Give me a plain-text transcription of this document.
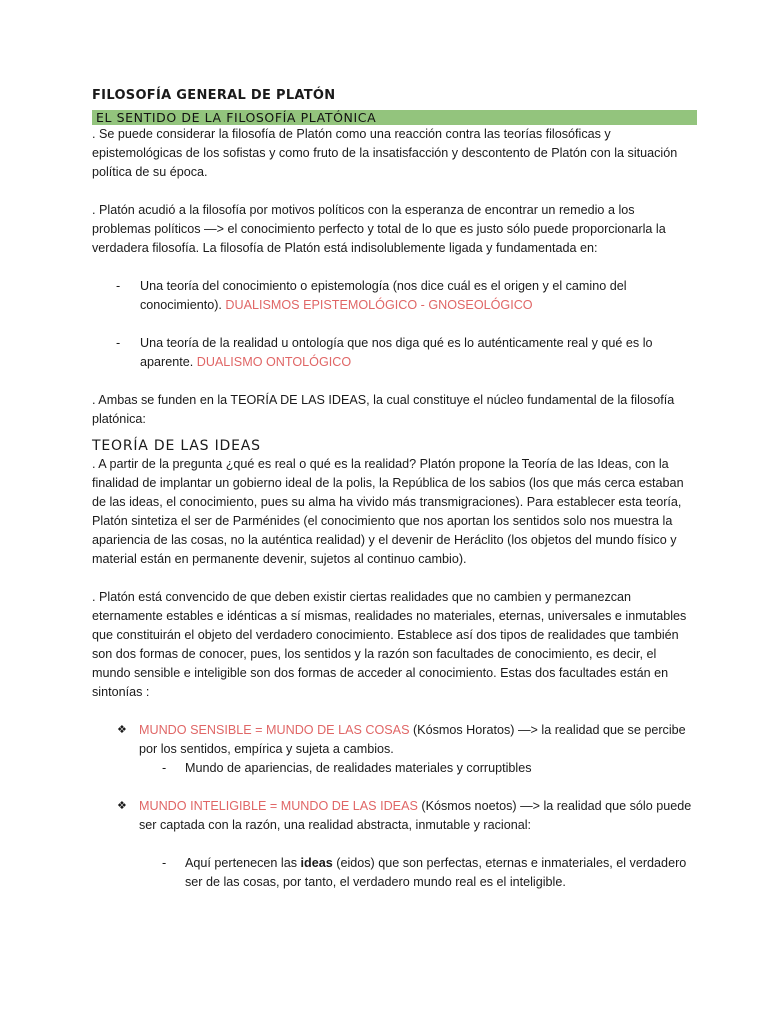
FILOSOFÍA GENERAL DE PLATÓN
EL SENTIDO DE LA FILOSOFÍA PLATÓNICA

. Se puede considerar la filosofía de Platón como una reacción contra las teorías filosóficas y epistemológicas de los sofistas y como fruto de la insatisfacción y descontento de Platón con la situación política de su época.

. Platón acudió a la filosofía por motivos políticos con la esperanza de encontrar un remedio a los problemas políticos —> el conocimiento perfecto y total de lo que es justo sólo puede proporcionarla la verdadera filosofía. La filosofía de Platón está indisolublemente ligada y fundamentada en:

- Una teoría del conocimiento o epistemología (nos dice cuál es el origen y el camino del conocimiento). DUALISMOS EPISTEMOLÓGICO - GNOSEOLÓGICO

- Una teoría de la realidad u ontología que nos diga qué es lo auténticamente real y qué es lo aparente. DUALISMO ONTOLÓGICO

. Ambas se funden en la TEORÍA DE LAS IDEAS, la cual constituye el núcleo fundamental de la filosofía platónica:

TEORÍA DE LAS IDEAS

. A partir de la pregunta ¿qué es real o qué es la realidad? Platón propone la Teoría de las Ideas, con la finalidad de implantar un gobierno ideal de la polis, la República de los sabios (los que más cerca estaban de las ideas, el conocimiento, pues su alma ha vivido más transmigraciones). Para establecer esta teoría, Platón sintetiza el ser de Parménides (el conocimiento que nos aportan los sentidos solo nos muestra la apariencia de las cosas, no la auténtica realidad) y el devenir de Heráclito (los objetos del mundo físico y material están en permanente devenir, sujetos al continuo cambio).

. Platón está convencido de que deben existir ciertas realidades que no cambien y permanezcan eternamente estables e idénticas a sí mismas, realidades no materiales, eternas, universales e inmutables que constituirán el objeto del verdadero conocimiento. Establece así dos tipos de realidades que también son dos formas de conocer, pues, los sentidos y la razón son facultades de conocimiento, es decir, el mundo sensible e inteligible son dos formas de acceder al conocimiento. Estas dos facultades están en sintonías :

❖ MUNDO SENSIBLE = MUNDO DE LAS COSAS (Kósmos Horatos) —> la realidad que se percibe por los sentidos, empírica y sujeta a cambios.

- Mundo de apariencias, de realidades materiales y corruptibles

❖ MUNDO INTELIGIBLE = MUNDO DE LAS IDEAS (Kósmos noetos) —> la realidad que sólo puede ser captada con la razón, una realidad abstracta, inmutable y racional:

- Aquí pertenecen las ideas (eidos) que son perfectas, eternas e inmateriales, el verdadero ser de las cosas, por tanto, el verdadero mundo real es el inteligible.
